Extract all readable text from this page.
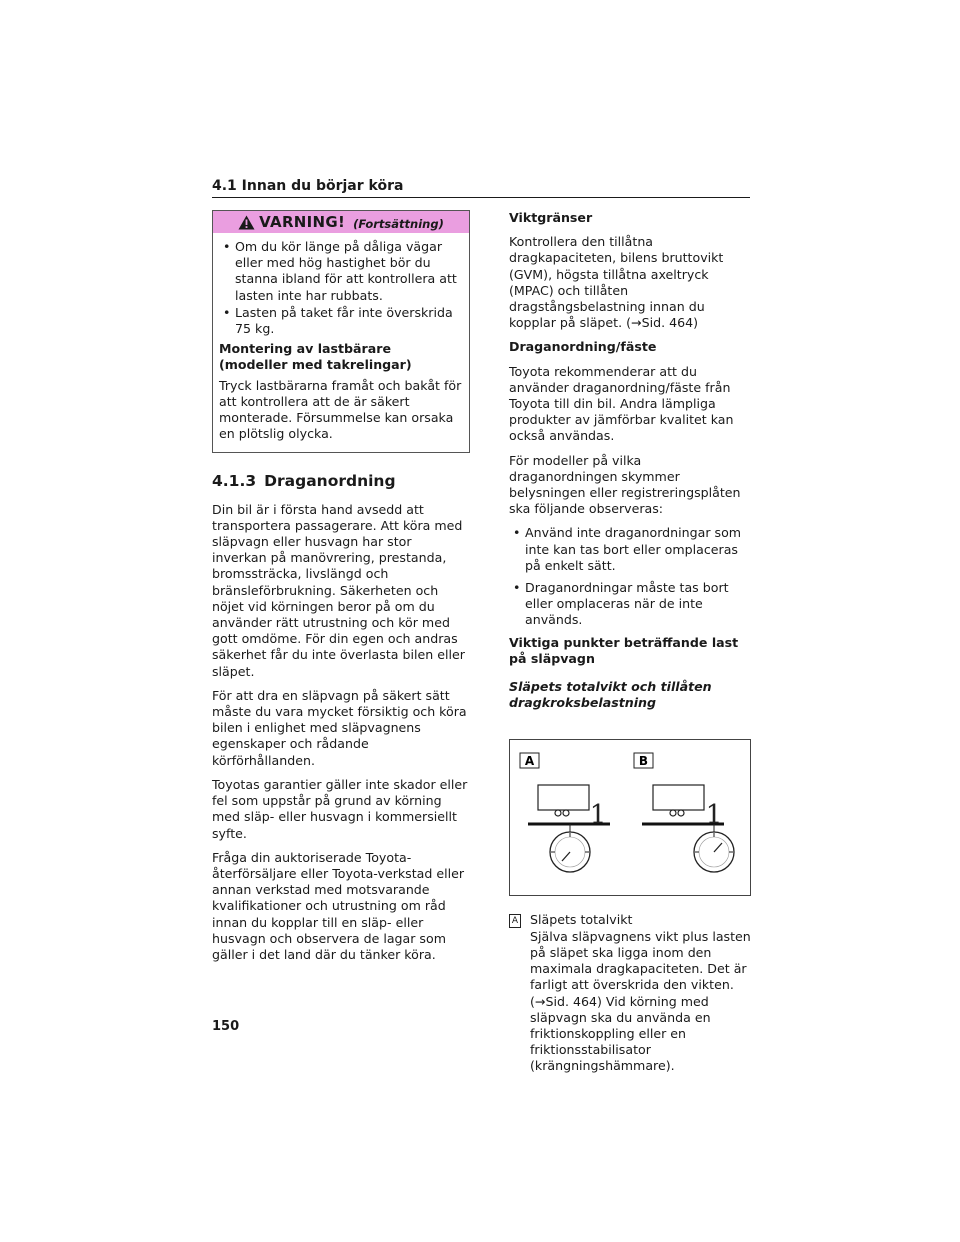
4.1 Innan du börjar köra
VARNING! (Fortsättning)
• Om du kör länge på dåliga vägar eller med hög hastighet bör du stanna ibland för att kontrollera att lasten inte har rubbats.
• Lasten på taket får inte överskrida 75 kg.

Montering av lastbärare (modeller med takrelingar)

Tryck lastbärarna framåt och bakåt för att kontrollera att de är säkert monterade. Försummelse kan orsaka en plötslig olycka.

4.1.3 Draganordning

Din bil är i första hand avsedd att transportera passagerare. Att köra med släpvagn eller husvagn har stor inverkan på manövrering, prestanda, bromssträcka, livslängd och bränsleförbrukning. Säkerheten och nöjet vid körningen beror på om du använder rätt utrustning och kör med gott omdöme. För din egen och andras säkerhet får du inte överlasta bilen eller släpet.

För att dra en släpvagn på säkert sätt måste du vara mycket försiktig och köra bilen i enlighet med släpvagnens egenskaper och rådande körförhållanden.

Toyotas garantier gäller inte skador eller fel som uppstår på grund av körning med släp- eller husvagn i kommersiellt syfte.

Fråga din auktoriserade Toyota-återförsäljare eller Toyota-verkstad eller annan verkstad med motsvarande kvalifikationer och utrustning om råd innan du kopplar till en släp- eller husvagn och observera de lagar som gäller i det land där du tänker köra.

Viktgränser

Kontrollera den tillåtna dragkapaciteten, bilens bruttovikt (GVM), högsta tillåtna axeltryck (MPAC) och tillåten dragstångsbelastning innan du kopplar på släpet. (→Sid. 464)

Draganordning/fäste

Toyota rekommenderar att du använder draganordning/fäste från Toyota till din bil. Andra lämpliga produkter av jämförbar kvalitet kan också användas.

För modeller på vilka draganordningen skymmer belysningen eller registreringsplåten ska följande observeras:

• Använd inte draganordningar som inte kan tas bort eller omplaceras på enkelt sätt.
• Draganordningar måste tas bort eller omplaceras när de inte används.

Viktiga punkter beträffande last på släpvagn

Släpets totalvikt och tillåten dragkroksbelastning

A	B
1	1
A Släpets totalvikt
Själva släpvagnens vikt plus lasten på släpet ska ligga inom den maximala dragkapaciteten. Det är farligt att överskrida den vikten. (→Sid. 464) Vid körning med släpvagn ska du använda en friktionskoppling eller en friktionsstabilisator (krängningshämmare).
150
